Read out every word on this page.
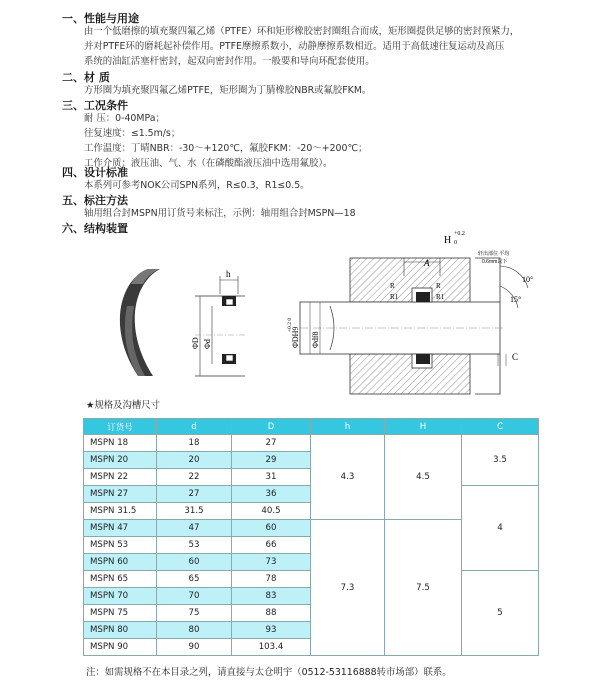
一、性能与用途
由一个低磨擦的填充聚四氟乙烯（PTFE）环和矩形橡胶密封圈组合而成，矩形圈提供足够的密封预紧力，
并对PTFE环的磨耗起补偿作用。PTFE摩擦系数小，动静摩擦系数相近。适用于高低速往复运动及高压
系统的油缸活塞杆密封，起双向密封作用。一般要和导向环配套使用。
二、材 质
方形圈为填充聚四氟乙烯PTFE，矩形圈为丁腈橡胶NBR或氟胶FKM。
三、工况条件
耐 压：0-40MPa；
往复速度：≤1.5m/s；
工作温度：丁晴NBR：-30～+120℃，氟胶FKM：-20～+200℃；
工作介质：液压油、气、水（在磷酸酯液压油中选用氟胶）。
四、设计标准
本系列可参考NOK公司SPN系列，R≤0.3，R1≤0.5。
五、标注方法
轴用组合封MSPN用订货号来标注，示例：轴用组合封MSPN—18
六、结构装置
h
ΦD Φd
H
+0.2
0
A
R
R1
R
R1
ΦDH9
+0.2 0
Φdf8
轩出部位 平均
0.6mm以下
10°
15°
C
★规格及沟槽尺寸
订货号	d	D	h	H	C
MSPN 18	18	27	4.3	4.5	3.5
MSPN 20	20	29			
MSPN 22	22	31			
MSPN 27	27	36			4
MSPN 31.5	31.5	40.5			
MSPN 47	47	60	7.3	7.5	
MSPN 53	53	66			
MSPN 60	60	73			
MSPN 65	65	78			5
MSPN 70	70	83			
MSPN 75	75	88			
MSPN 80	80	93			
MSPN 90	90	103.4			
注：如需规格不在本目录之列，请直接与太仓明宇（0512-53116888转市场部）联系。
